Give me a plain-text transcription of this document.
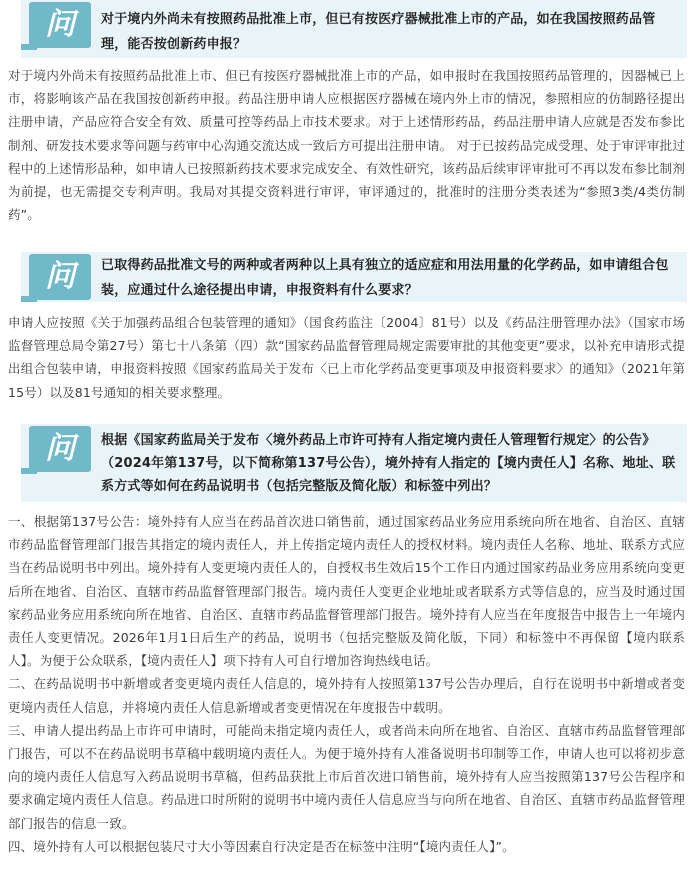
问	对于境内外尚未有按照药品批准上市，但已有按医疗器械批准上市的产品，如在我国按照药品管理，能否按创新药申报？

对于境内外尚未有按照药品批准上市、但已有按医疗器械批准上市的产品，如申报时在我国按照药品管理的，因器械已上市，将影响该产品在我国按创新药申报。药品注册申请人应根据医疗器械在境内外上市的情况，参照相应的仿制路径提出注册申请，产品应符合安全有效、质量可控等药品上市技术要求。对于上述情形药品，药品注册申请人应就是否发布参比制剂、研发技术要求等问题与药审中心沟通交流达成一致后方可提出注册申请。 对于已按药品完成受理、处于审评审批过程中的上述情形品种，如申请人已按照新药技术要求完成安全、有效性研究，该药品后续审评审批可不再以发布参比制剂为前提，也无需提交专利声明。我局对其提交资料进行审评，审评通过的，批准时的注册分类表述为“参照3类/4类仿制药”。

问	已取得药品批准文号的两种或者两种以上具有独立的适应症和用法用量的化学药品，如申请组合包装，应通过什么途径提出申请，申报资料有什么要求？

申请人应按照《关于加强药品组合包装管理的通知》（国食药监注〔2004〕81号）以及《药品注册管理办法》（国家市场监督管理总局令第27号）第七十八条第（四）款“国家药品监督管理局规定需要审批的其他变更”要求，以补充申请形式提出组合包装申请，申报资料按照《国家药监局关于发布〈已上市化学药品变更事项及申报资料要求〉的通知》（2021年第15号）以及81号通知的相关要求整理。

问	根据《国家药监局关于发布〈境外药品上市许可持有人指定境内责任人管理暂行规定〉的公告》（2024年第137号，以下简称第137号公告），境外持有人指定的【境内责任人】名称、地址、联系方式等如何在药品说明书（包括完整版及简化版）和标签中列出？

一、根据第137号公告：境外持有人应当在药品首次进口销售前，通过国家药品业务应用系统向所在地省、自治区、直辖市药品监督管理部门报告其指定的境内责任人，并上传指定境内责任人的授权材料。境内责任人名称、地址、联系方式应当在药品说明书中列出。境外持有人变更境内责任人的，自授权书生效后15个工作日内通过国家药品业务应用系统向变更后所在地省、自治区、直辖市药品监督管理部门报告。境内责任人变更企业地址或者联系方式等信息的，应当及时通过国家药品业务应用系统向所在地省、自治区、直辖市药品监督管理部门报告。境外持有人应当在年度报告中报告上一年境内责任人变更情况。2026年1月1日后生产的药品，说明书（包括完整版及简化版，下同）和标签中不再保留【境内联系人】。为便于公众联系，【境内责任人】项下持有人可自行增加咨询热线电话。

二、在药品说明书中新增或者变更境内责任人信息的，境外持有人按照第137号公告办理后，自行在说明书中新增或者变更境内责任人信息，并将境内责任人信息新增或者变更情况在年度报告中载明。

三、申请人提出药品上市许可申请时，可能尚未指定境内责任人，或者尚未向所在地省、自治区、直辖市药品监督管理部门报告，可以不在药品说明书草稿中载明境内责任人。为便于境外持有人准备说明书印制等工作，申请人也可以将初步意向的境内责任人信息写入药品说明书草稿，但药品获批上市后首次进口销售前，境外持有人应当按照第137号公告程序和要求确定境内责任人信息。药品进口时所附的说明书中境内责任人信息应当与向所在地省、自治区、直辖市药品监督管理部门报告的信息一致。

四、境外持有人可以根据包装尺寸大小等因素自行决定是否在标签中注明“【境内责任人】”。
